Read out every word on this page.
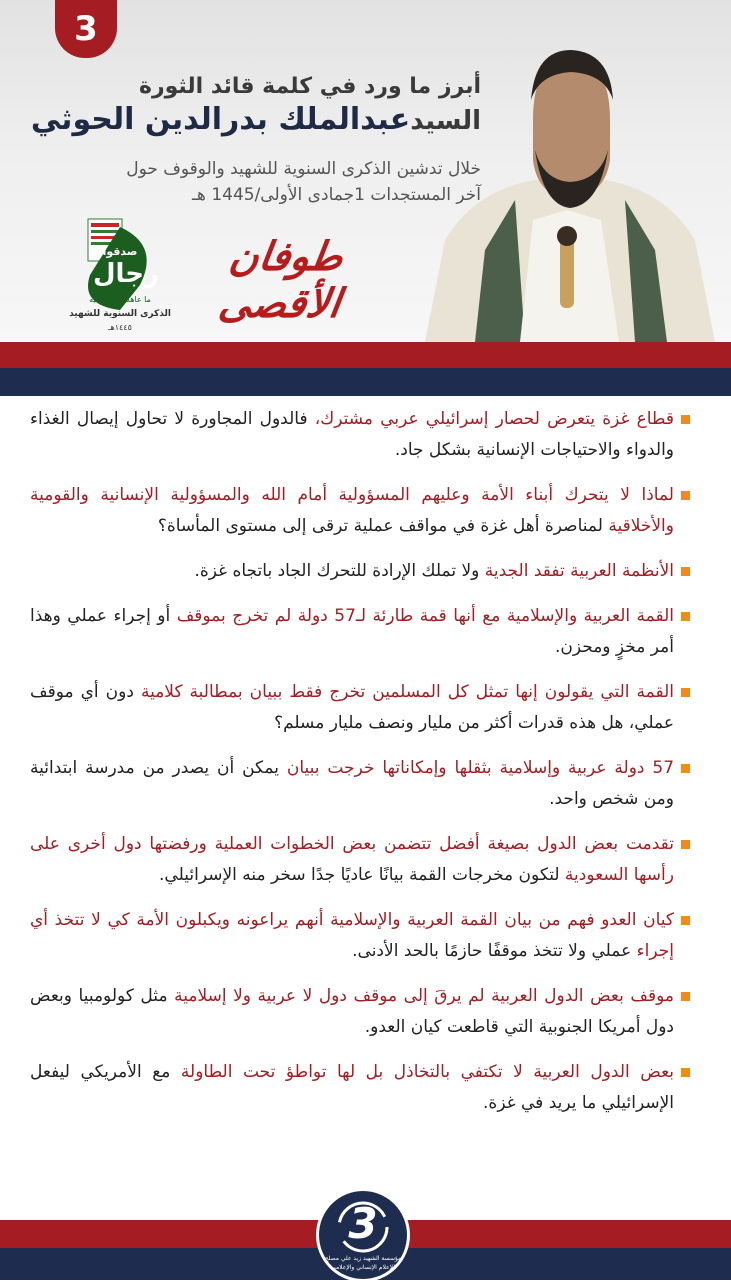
3
أبرز ما ورد في كلمة قائد الثورة
السيدعبدالملك بدرالدين الحوثي
خلال تدشين الذكرى السنوية للشهيد والوقوف حول
آخر المستجدات 1جمادى الأولى/1445 هـ
طوفان الأقصى
صدقوا
رجال
ما عاهدوا الله عليه
الذكرى السنوية للشهيد
١٤٤٥هـ
قطاع غزة يتعرض لحصار إسرائيلي عربي مشترك، فالدول المجاورة لا تحاول إيصال الغذاء والدواء والاحتياجات الإنسانية بشكل جاد.
لماذا لا يتحرك أبناء الأمة وعليهم المسؤولية أمام الله والمسؤولية الإنسانية والقومية والأخلاقية لمناصرة أهل غزة في مواقف عملية ترقى إلى مستوى المأساة؟
الأنظمة العربية تفقد الجدية ولا تملك الإرادة للتحرك الجاد باتجاه غزة.
القمة العربية والإسلامية مع أنها قمة طارئة لـ57 دولة لم تخرج بموقف أو إجراء عملي وهذا أمر مخزٍ ومحزن.
القمة التي يقولون إنها تمثل كل المسلمين تخرج فقط ببيان بمطالبة كلامية دون أي موقف عملي، هل هذه قدرات أكثر من مليار ونصف مليار مسلم؟
57 دولة عربية وإسلامية بثقلها وإمكاناتها خرجت ببيان يمكن أن يصدر من مدرسة ابتدائية ومن شخص واحد.
تقدمت بعض الدول بصيغة أفضل تتضمن بعض الخطوات العملية ورفضتها دول أخرى على رأسها السعودية لتكون مخرجات القمة بيانًا عاديًا جدًا سخر منه الإسرائيلي.
كيان العدو فهم من بيان القمة العربية والإسلامية أنهم يراعونه ويكبلون الأمة كي لا تتخذ أي إجراء عملي ولا تتخذ موقفًا حازمًا بالحد الأدنى.
موقف بعض الدول العربية لم يرقَ إلى موقف دول لا عربية ولا إسلامية مثل كولومبيا وبعض دول أمريكا الجنوبية التي قاطعت كيان العدو.
بعض الدول العربية لا تكتفي بالتخاذل بل لها تواطؤ تحت الطاولة مع الأمريكي ليفعل الإسرائيلي ما يريد في غزة.
3
مؤسسة الشهيد زيد علي مصلح
للإعلام الإنساني والإعلامي
